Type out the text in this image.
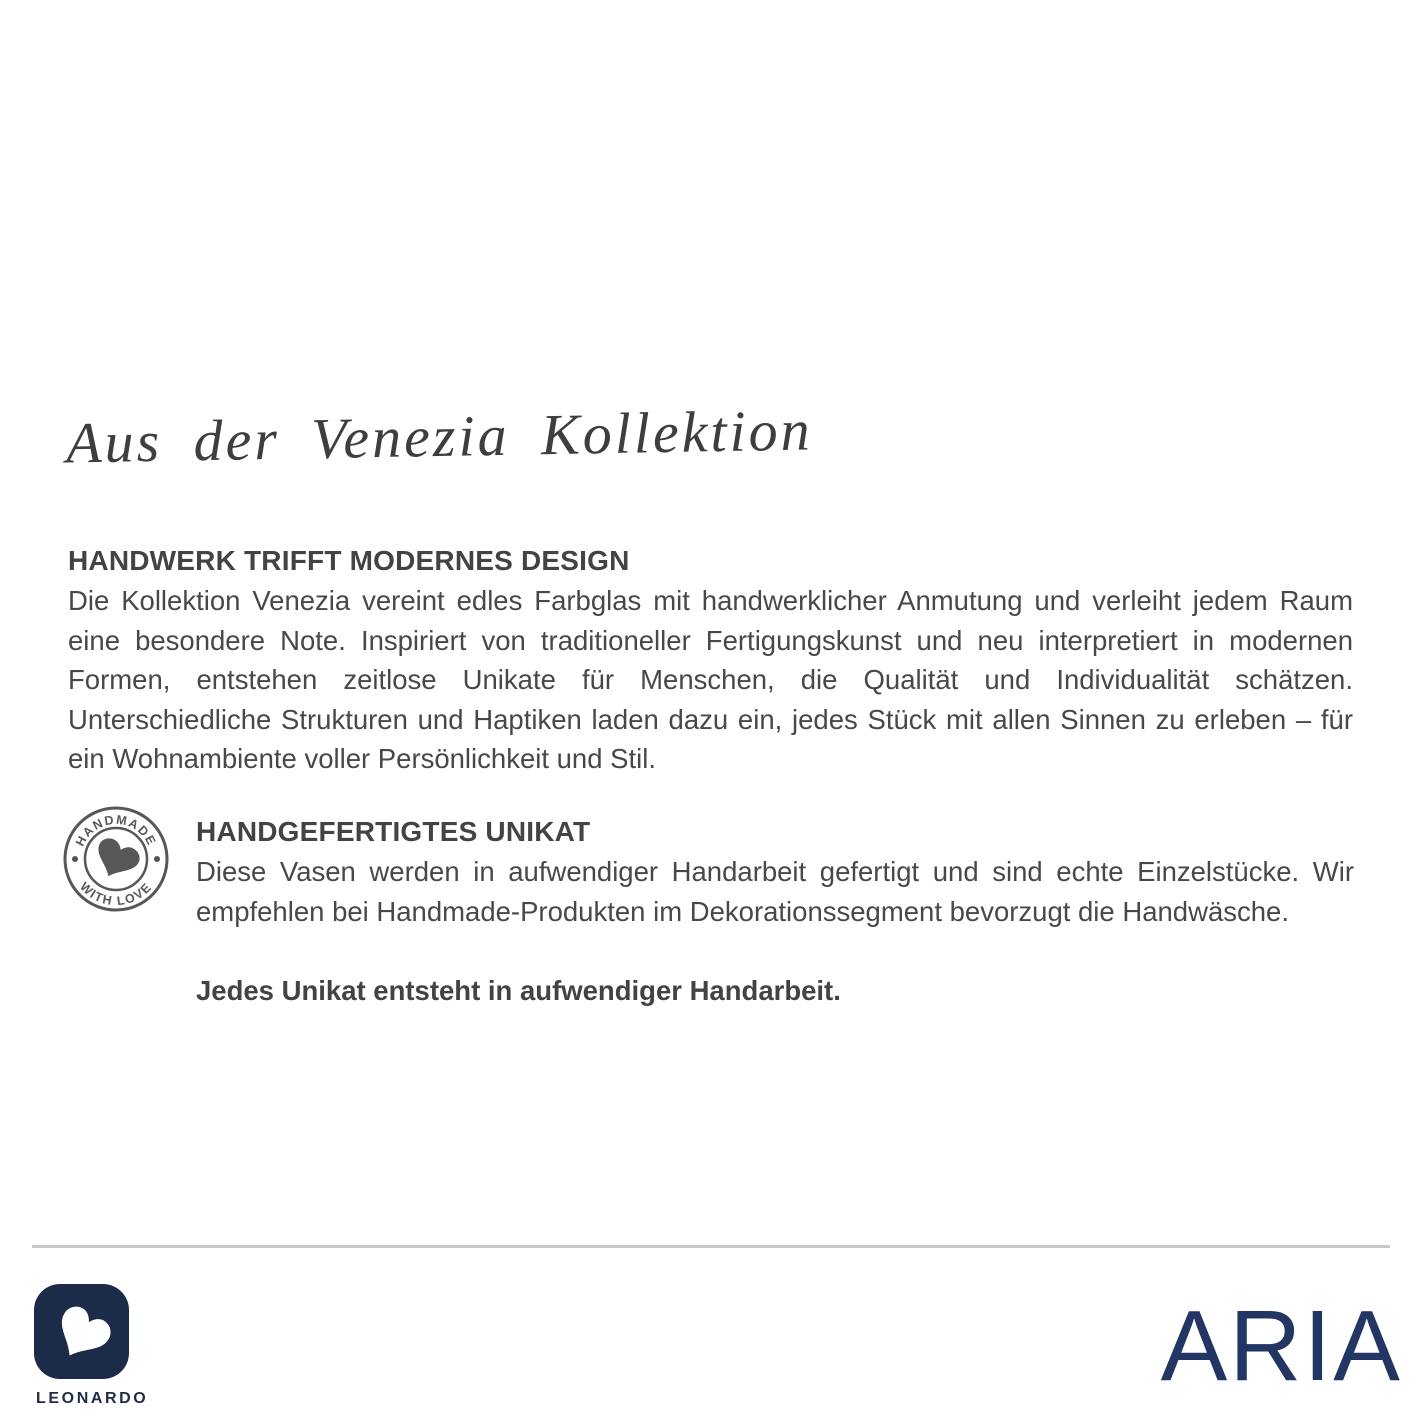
Aus der Venezia Kollektion
HANDWERK TRIFFT MODERNES DESIGN

Die Kollektion Venezia vereint edles Farbglas mit handwerklicher Anmutung und verleiht jedem Raum eine besondere Note. Inspiriert von traditioneller Fertigungskunst und neu interpretiert in modernen Formen, entstehen zeitlose Unikate für Menschen, die Qualität und Individualität schätzen. Unterschiedliche Strukturen und Haptiken laden dazu ein, jedes Stück mit allen Sinnen zu erleben – für ein Wohnambiente voller Persönlichkeit und Stil.

HANDMADE
WITH LOVE
HANDGEFERTIGTES UNIKAT

Diese Vasen werden in aufwendiger Handarbeit gefertigt und sind echte Einzelstücke. Wir empfehlen bei Handmade-Produkten im Dekorationssegment bevorzugt die Handwäsche.

Jedes Unikat entsteht in aufwendiger Handarbeit.

LEONARDO	ARIA
